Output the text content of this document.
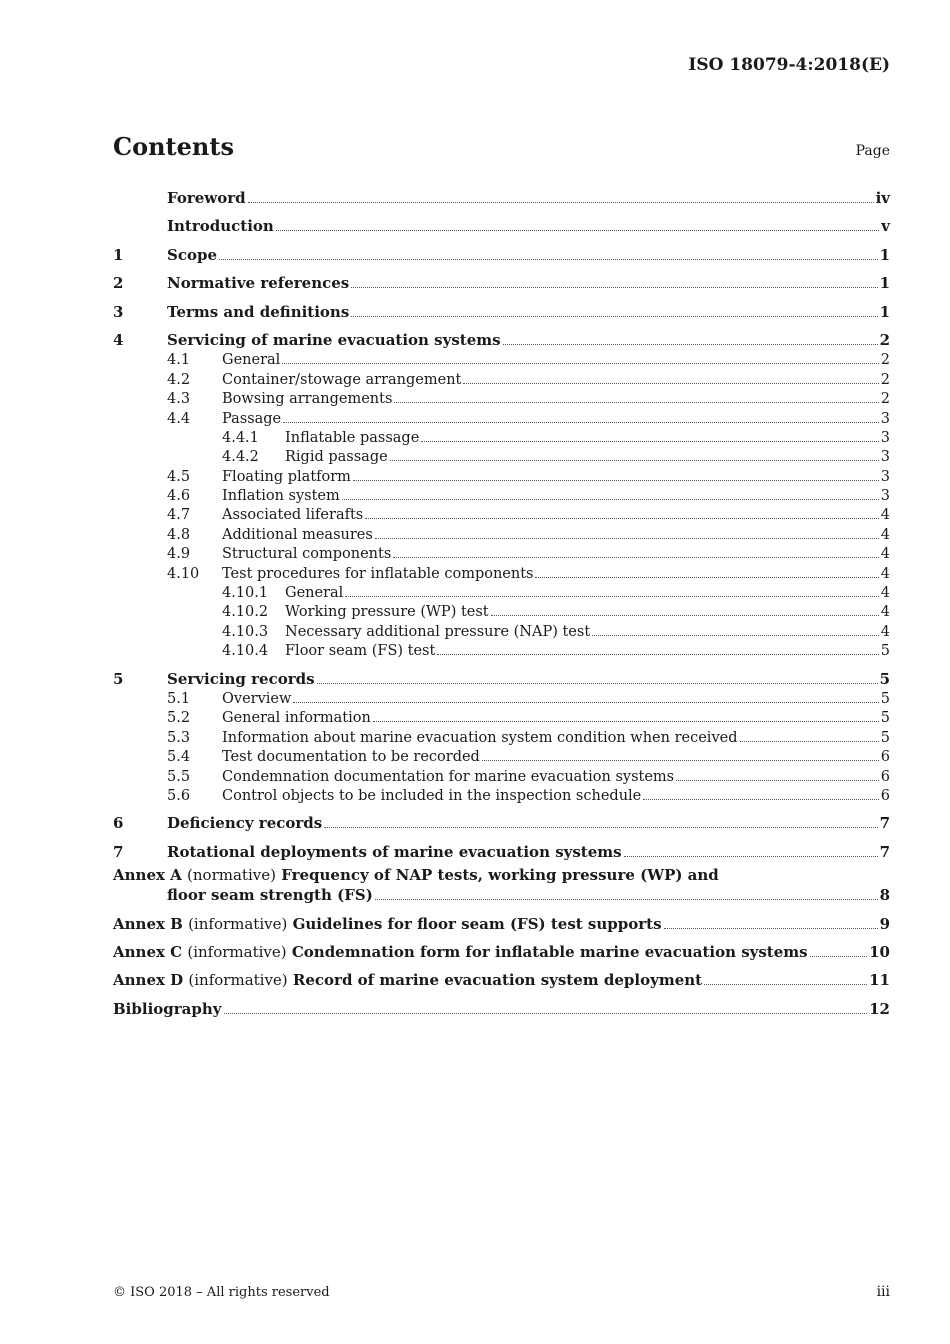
ISO 18079-4:2018(E)
Contents	Page
Foreword	iv
Introduction	v
1	Scope	1
2	Normative references	1
3	Terms and definitions	1
4	Servicing of marine evacuation systems	2
4.1	General	2
4.2	Container/stowage arrangement	2
4.3	Bowsing arrangements	2
4.4	Passage	3
4.4.1	Inflatable passage	3
4.4.2	Rigid passage	3
4.5	Floating platform	3
4.6	Inflation system	3
4.7	Associated liferafts	4
4.8	Additional measures	4
4.9	Structural components	4
4.10	Test procedures for inflatable components	4
4.10.1	General	4
4.10.2	Working pressure (WP) test	4
4.10.3	Necessary additional pressure (NAP) test	4
4.10.4	Floor seam (FS) test	5
5	Servicing records	5
5.1	Overview	5
5.2	General information	5
5.3	Information about marine evacuation system condition when received	5
5.4	Test documentation to be recorded	6
5.5	Condemnation documentation for marine evacuation systems	6
5.6	Control objects to be included in the inspection schedule	6
6	Deficiency records	7
7	Rotational deployments of marine evacuation systems	7
Annex A (normative) Frequency of NAP tests, working pressure (WP) and
floor seam strength (FS)	8
Annex B (informative) Guidelines for floor seam (FS) test supports	9
Annex C (informative) Condemnation form for inflatable marine evacuation systems	10
Annex D (informative) Record of marine evacuation system deployment	11
Bibliography	12
© ISO 2018 – All rights reserved	iii
